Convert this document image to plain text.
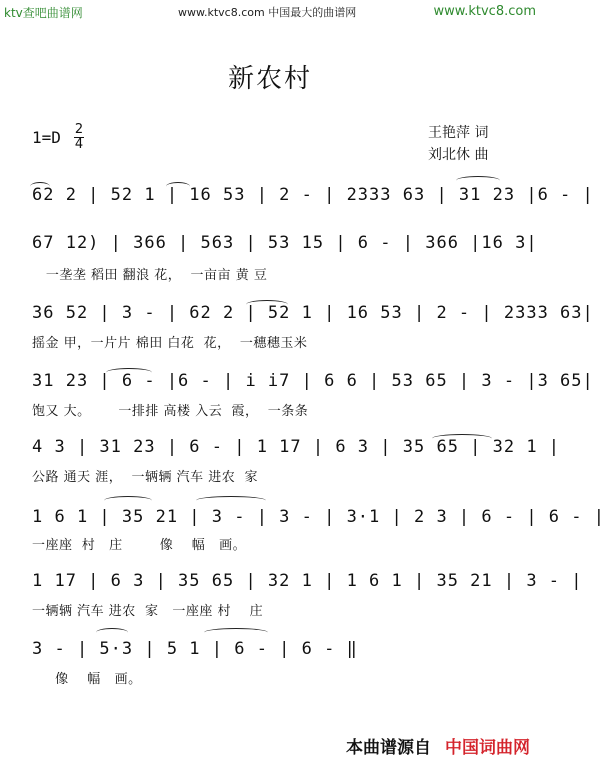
ktv查吧曲谱网	www.ktvc8.com 中国最大的曲谱网	www.ktvc8.com
新农村
1=D 2
4
王艳萍 词
刘北休 曲
62 2 | 52 1 | 16 53 | 2 - | 2333 63 | 31 23 |6 - |
67 12) | 366 | 563 | 53 15 | 6 - | 366 |16 3|
一垄垄 稻田 翻浪 花，  一亩亩 黄 豆
36 52 | 3 - | 62 2 | 52 1 | 16 53 | 2 - | 2333 63|
摇金 甲，一片片 棉田 白花  花，  一穗穗玉米
31 23 | 6 - |6 - | i i7 | 6 6 | 53 65 | 3 - |3 65|
饱又 大。      一排排 高楼 入云  霞，  一条条
4 3 | 31 23 | 6 - | 1 17 | 6 3 | 35 65 | 32 1 |
公路 通天 涯，  一辆辆 汽车 进农  家
1 6 1 | 35 21 | 3 - | 3 - | 3·1 | 2 3 | 6 - | 6 - |
一座座  村   庄        像    幅   画。
1 17 | 6 3 | 35 65 | 32 1 | 1 6 1 | 35 21 | 3 - |
一辆辆 汽车 进农  家   一座座 村    庄
3 - | 5·3 | 5 1 | 6 - | 6 - ‖
像    幅   画。
本曲谱源自 中国词曲网
